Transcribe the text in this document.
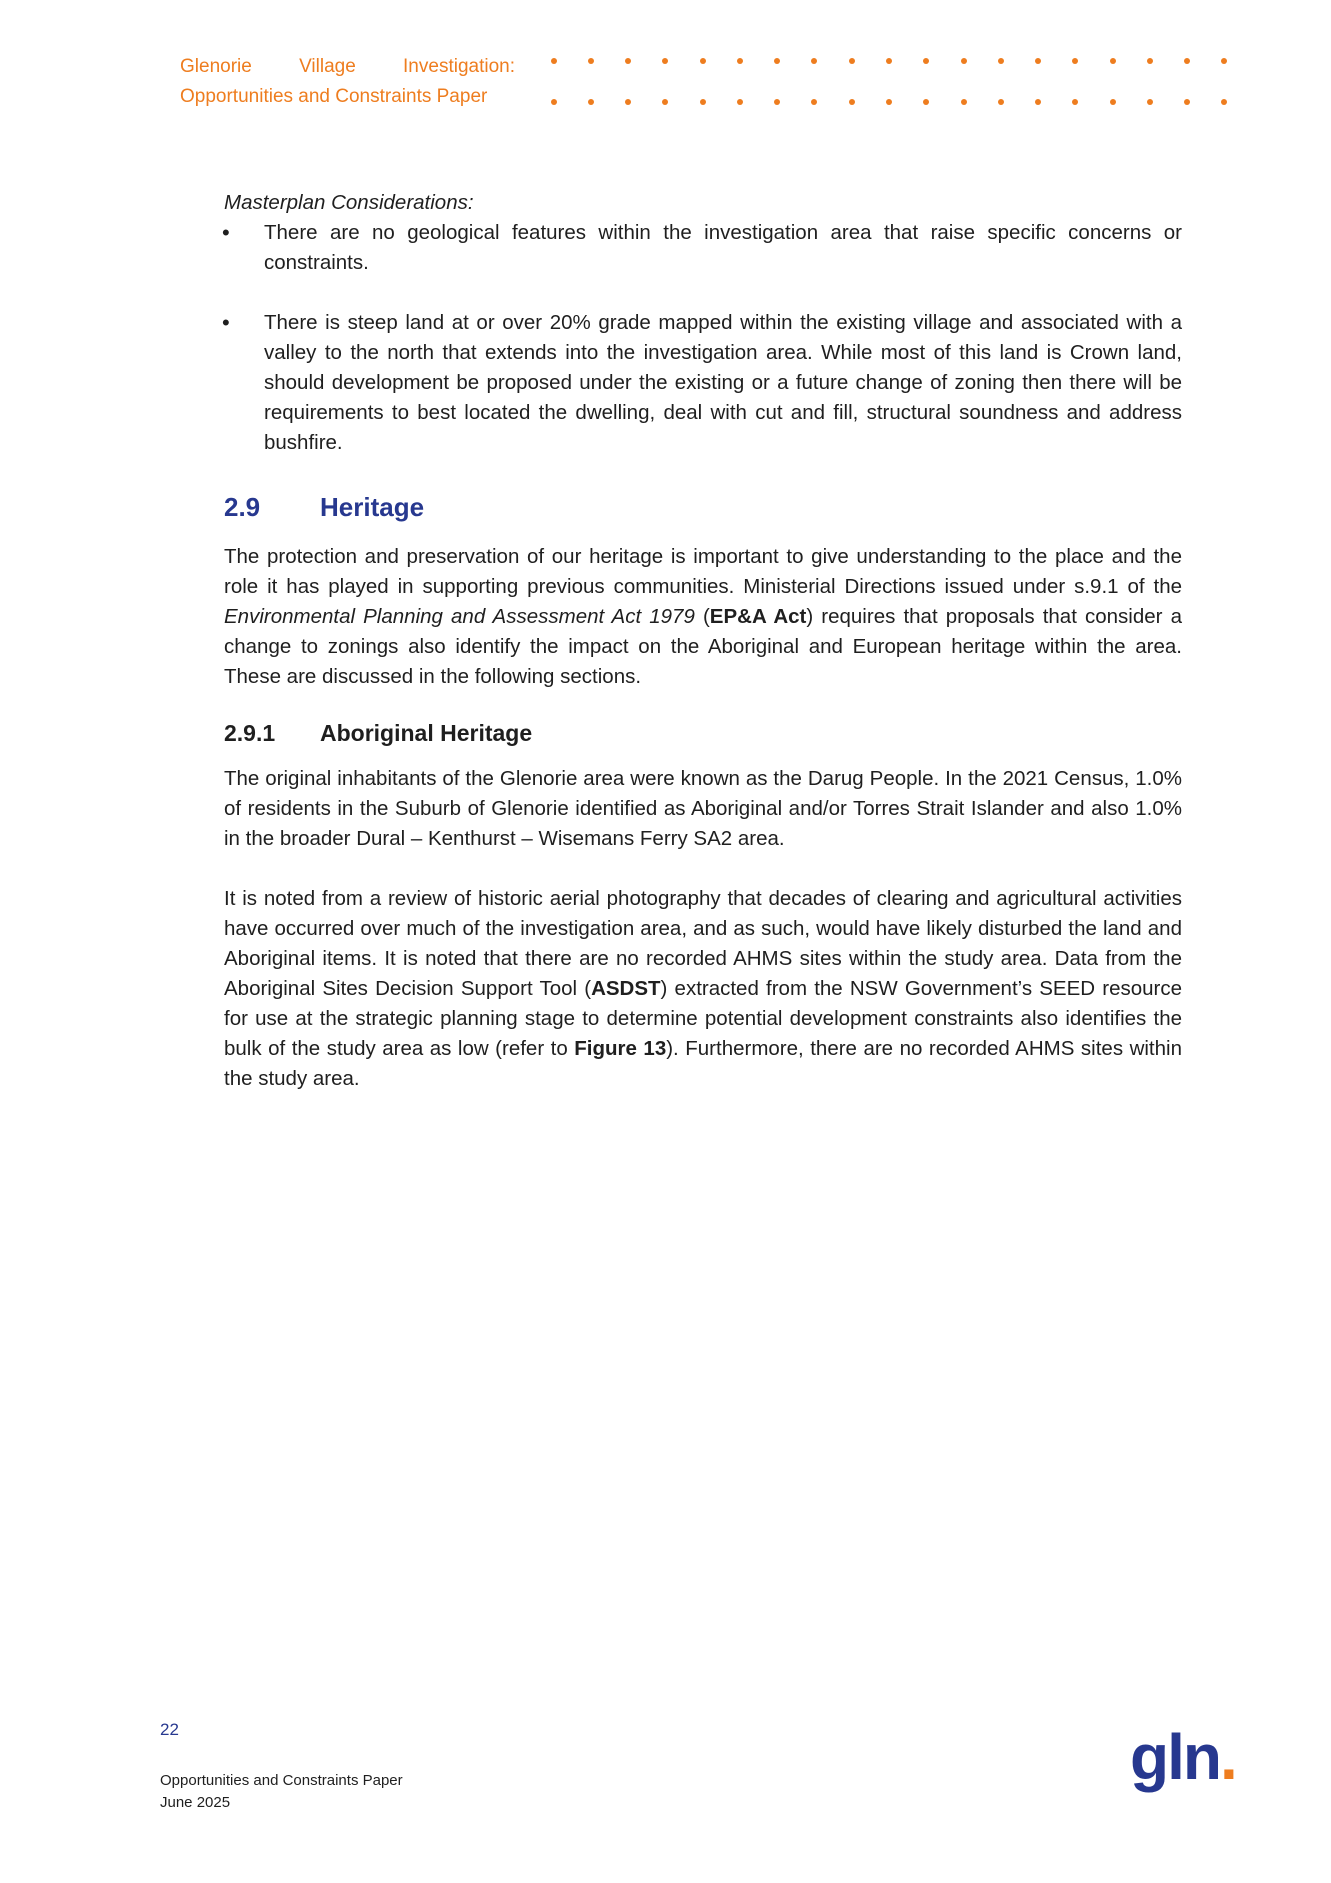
Glenorie Village Investigation:
Opportunities and Constraints Paper

Masterplan Considerations:

• There are no geological features within the investigation area that raise specific concerns or constraints.
• There is steep land at or over 20% grade mapped within the existing village and associated with a valley to the north that extends into the investigation area. While most of this land is Crown land, should development be proposed under the existing or a future change of zoning then there will be requirements to best located the dwelling, deal with cut and fill, structural soundness and address bushfire.
2.9	Heritage

The protection and preservation of our heritage is important to give understanding to the place and the role it has played in supporting previous communities. Ministerial Directions issued under s.9.1 of the Environmental Planning and Assessment Act 1979 (EP&A Act) requires that proposals that consider a change to zonings also identify the impact on the Aboriginal and European heritage within the area. These are discussed in the following sections.

2.9.1	Aboriginal Heritage

The original inhabitants of the Glenorie area were known as the Darug People. In the 2021 Census, 1.0% of residents in the Suburb of Glenorie identified as Aboriginal and/or Torres Strait Islander and also 1.0% in the broader Dural – Kenthurst – Wisemans Ferry SA2 area.

It is noted from a review of historic aerial photography that decades of clearing and agricultural activities have occurred over much of the investigation area, and as such, would have likely disturbed the land and Aboriginal items. It is noted that there are no recorded AHMS sites within the study area. Data from the Aboriginal Sites Decision Support Tool (ASDST) extracted from the NSW Government’s SEED resource for use at the strategic planning stage to determine potential development constraints also identifies the bulk of the study area as low (refer to Figure 13). Furthermore, there are no recorded AHMS sites within the study area.

22
Opportunities and Constraints Paper
June 2025
gln.
